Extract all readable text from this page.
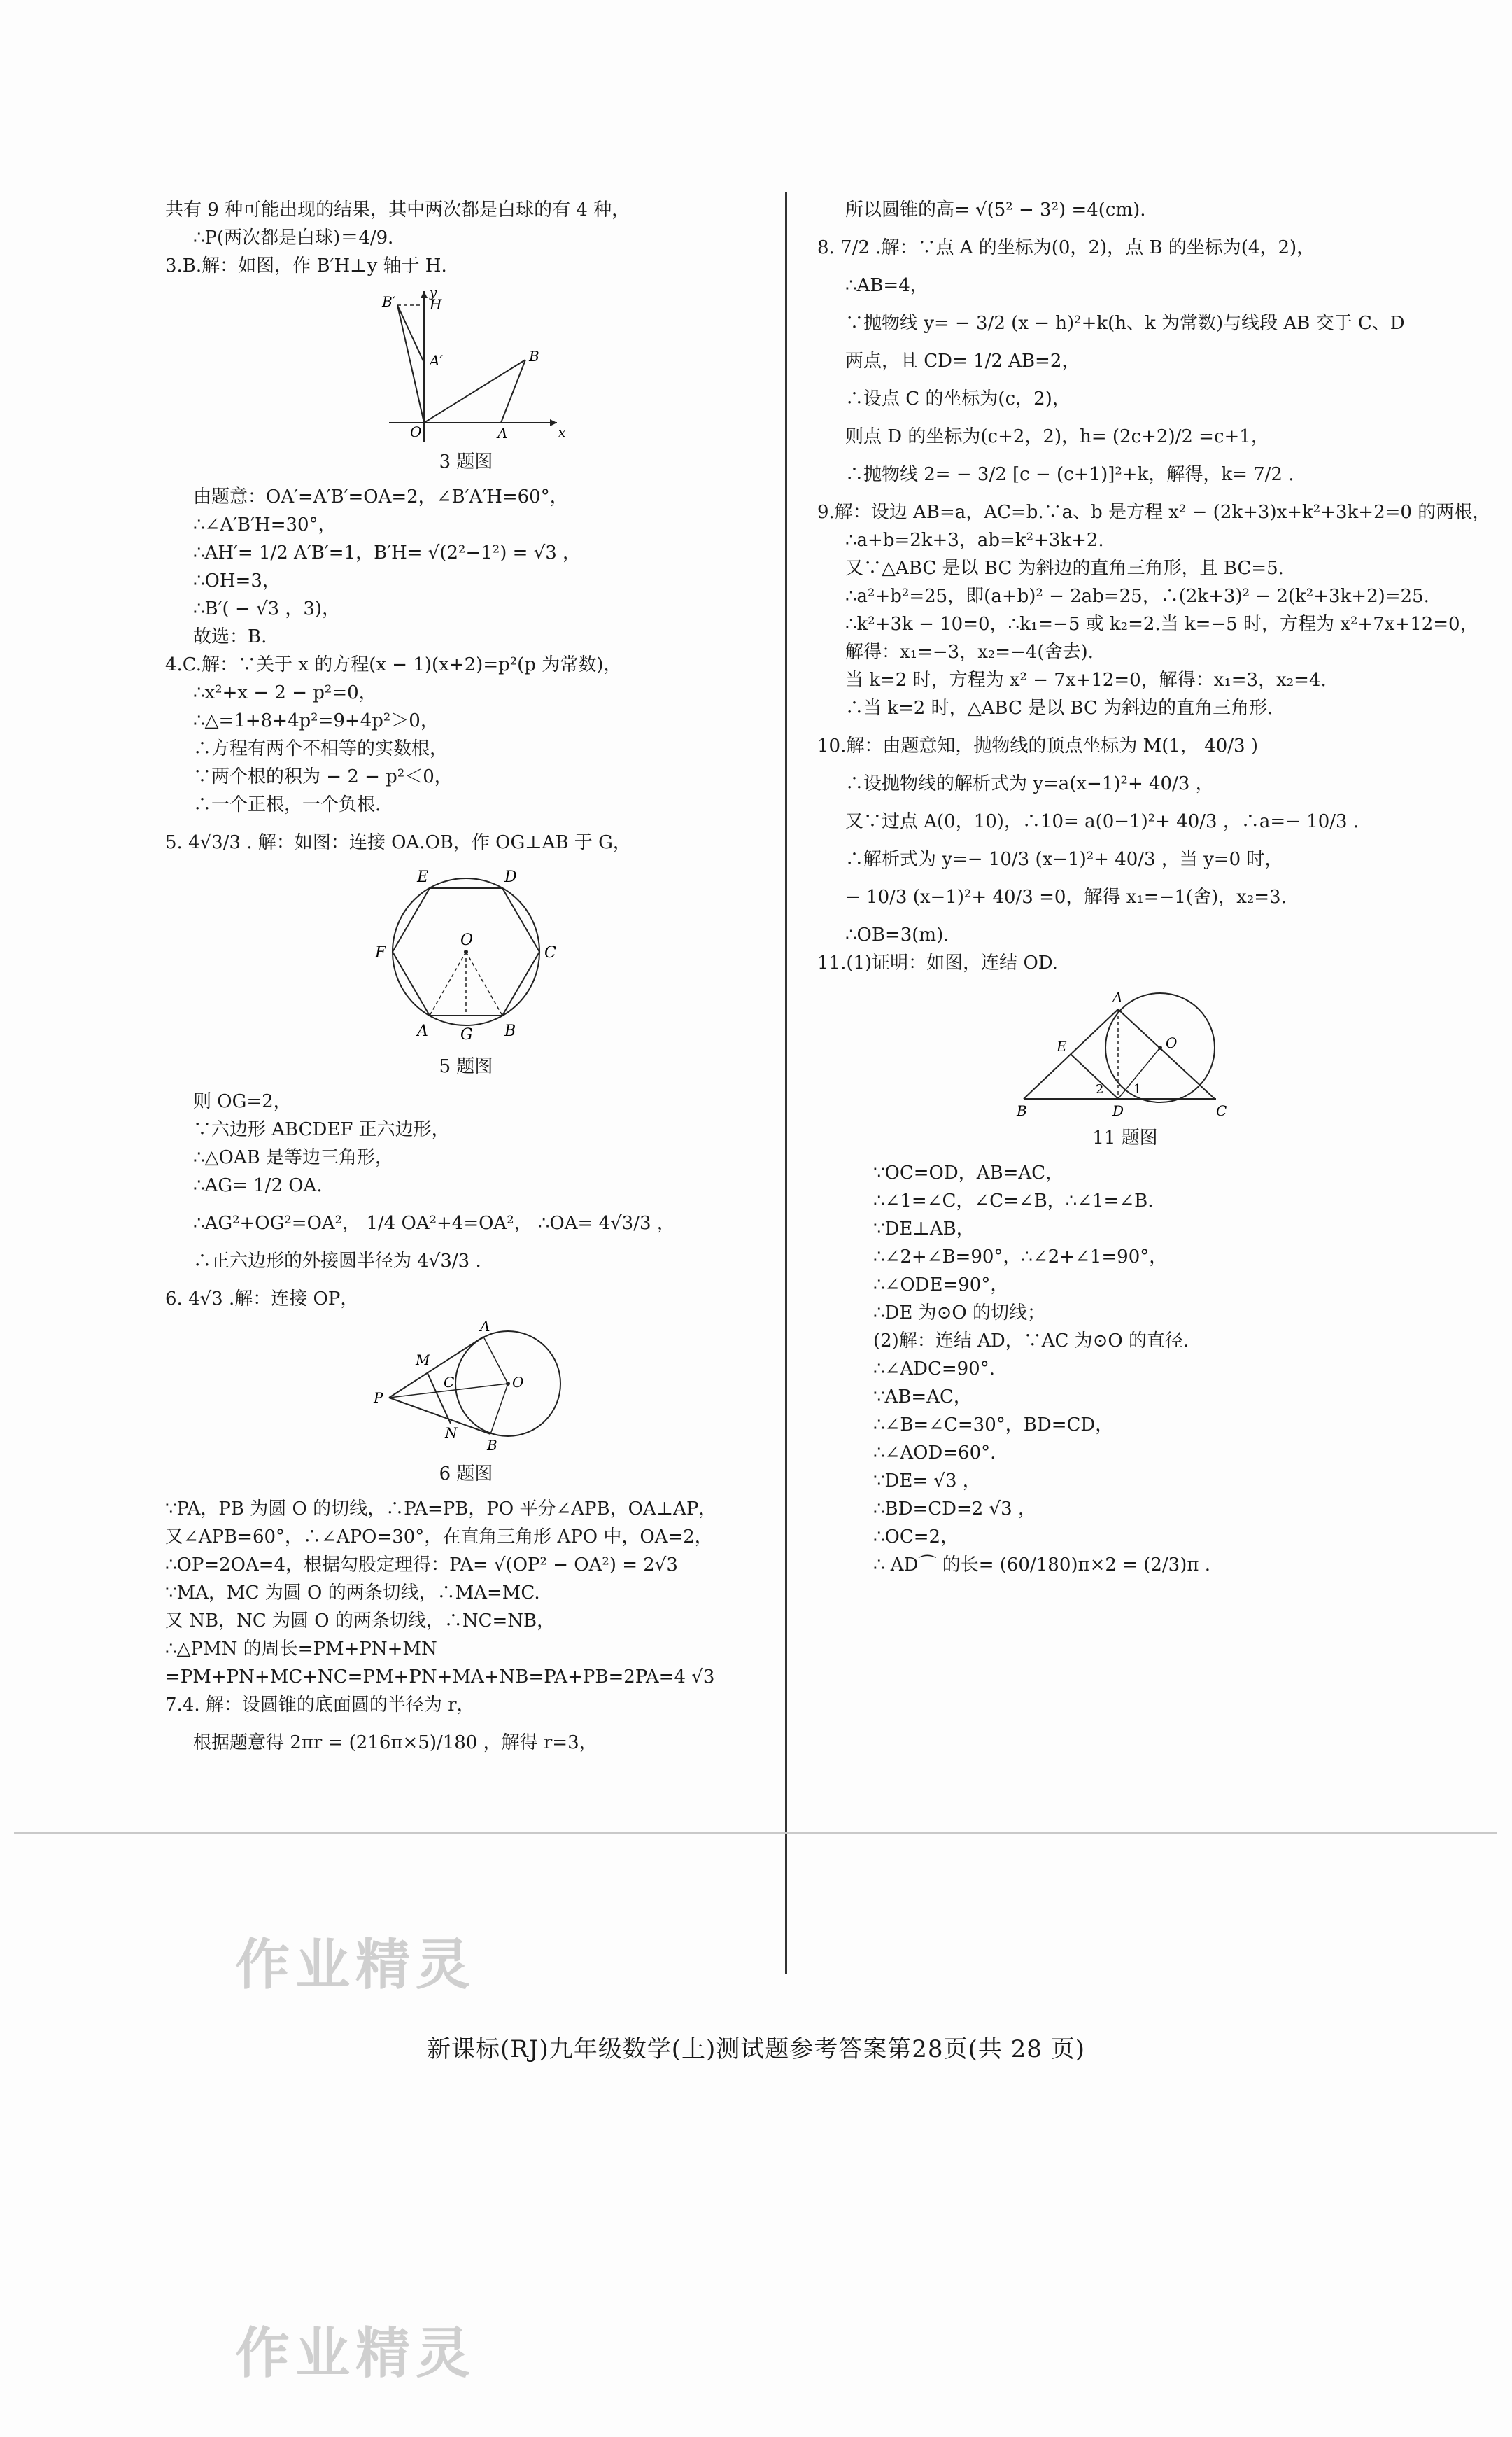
共有 9 种可能出现的结果，其中两次都是白球的有 4 种，

∴P(两次都是白球)＝4/9．

3.B.解：如图，作 B′H⊥y 轴于 H.

B′ H
y
A′	B
O	A	x
3 题图

由题意：OA′=A′B′=OA=2，∠B′A′H=60°，

∴∠A′B′H=30°，

∴AH′= 1/2 A′B′=1，B′H= √(2²−1²) = √3 ，

∴OH=3，

∴B′( − √3 ，3)，

故选：B.

4.C.解：∵关于 x 的方程(x − 1)(x+2)=p²(p 为常数)，

∴x²+x − 2 − p²=0，

∴△=1+8+4p²=9+4p²＞0，

∴方程有两个不相等的实数根，

∵两个根的积为 − 2 − p²＜0，

∴一个正根，一个负根.

5. 4√3/3 . 解：如图：连接 OA.OB，作 OG⊥AB 于 G，

E	D
F
O
C
A G B
5 题图

则 OG=2，

∵六边形 ABCDEF 正六边形，

∴△OAB 是等边三角形，

∴AG= 1/2 OA.

∴AG²+OG²=OA²， 1/4 OA²+4=OA²， ∴OA= 4√3/3 ，

∴正六边形的外接圆半径为 4√3/3 .

6. 4√3 .解：连接 OP，

M
A
C	O
P
N
B
6 题图

∵PA，PB 为圆 O 的切线，∴PA=PB，PO 平分∠APB，OA⊥AP，

又∠APB=60°，∴∠APO=30°，在直角三角形 APO 中，OA=2，

∴OP=2OA=4，根据勾股定理得：PA= √(OP² − OA²) = 2√3

∵MA，MC 为圆 O 的两条切线，∴MA=MC.

又 NB，NC 为圆 O 的两条切线，∴NC=NB，

∴△PMN 的周长=PM+PN+MN

=PM+PN+MC+NC=PM+PN+MA+NB=PA+PB=2PA=4 √3

7.4. 解：设圆锥的底面圆的半径为 r，

根据题意得 2πr = (216π×5)/180 ，解得 r=3，

所以圆锥的高= √(5² − 3²) =4(cm).

8. 7/2 .解：∵点 A 的坐标为(0，2)，点 B 的坐标为(4，2)，

∴AB=4，

∵抛物线 y= − 3/2 (x − h)²+k(h、k 为常数)与线段 AB 交于 C、D

两点，且 CD= 1/2 AB=2，

∴设点 C 的坐标为(c，2)，

则点 D 的坐标为(c+2，2)，h= (2c+2)/2 =c+1，

∴抛物线 2= − 3/2 [c − (c+1)]²+k，解得，k= 7/2 .

9.解：设边 AB=a，AC=b.∵a、b 是方程 x² − (2k+3)x+k²+3k+2=0 的两根，

∴a+b=2k+3，ab=k²+3k+2.

又∵△ABC 是以 BC 为斜边的直角三角形，且 BC=5.

∴a²+b²=25，即(a+b)² − 2ab=25，∴(2k+3)² − 2(k²+3k+2)=25.

∴k²+3k − 10=0，∴k₁=−5 或 k₂=2.当 k=−5 时，方程为 x²+7x+12=0，

解得：x₁=−3，x₂=−4(舍去).

当 k=2 时，方程为 x² − 7x+12=0，解得：x₁=3，x₂=4.

∴当 k=2 时，△ABC 是以 BC 为斜边的直角三角形.

10.解：由题意知，抛物线的顶点坐标为 M(1， 40/3 )

∴设抛物线的解析式为 y=a(x−1)²+ 40/3 ，

又∵过点 A(0，10)，∴10= a(0−1)²+ 40/3 ，∴a=− 10/3 .

∴解析式为 y=− 10/3 (x−1)²+ 40/3 ，当 y=0 时，

− 10/3 (x−1)²+ 40/3 =0，解得 x₁=−1(舍)，x₂=3.

∴OB=3(m).

11.(1)证明：如图，连结 OD.

A
E	O
2 1
B	D	C
11 题图

∵OC=OD，AB=AC，

∴∠1=∠C，∠C=∠B，∴∠1=∠B.

∵DE⊥AB，

∴∠2+∠B=90°，∴∠2+∠1=90°，

∴∠ODE=90°，

∴DE 为⊙O 的切线；

(2)解：连结 AD，∵AC 为⊙O 的直径.

∴∠ADC=90°.

∵AB=AC，

∴∠B=∠C=30°，BD=CD，

∴∠AOD=60°.

∵DE= √3 ，

∴BD=CD=2 √3 ，

∴OC=2，

∴ AD⌒ 的长= (60/180)π×2 = (2/3)π .

作业精灵
新课标(RJ)九年级数学(上)测试题参考答案第28页(共 28 页)
作业精灵
